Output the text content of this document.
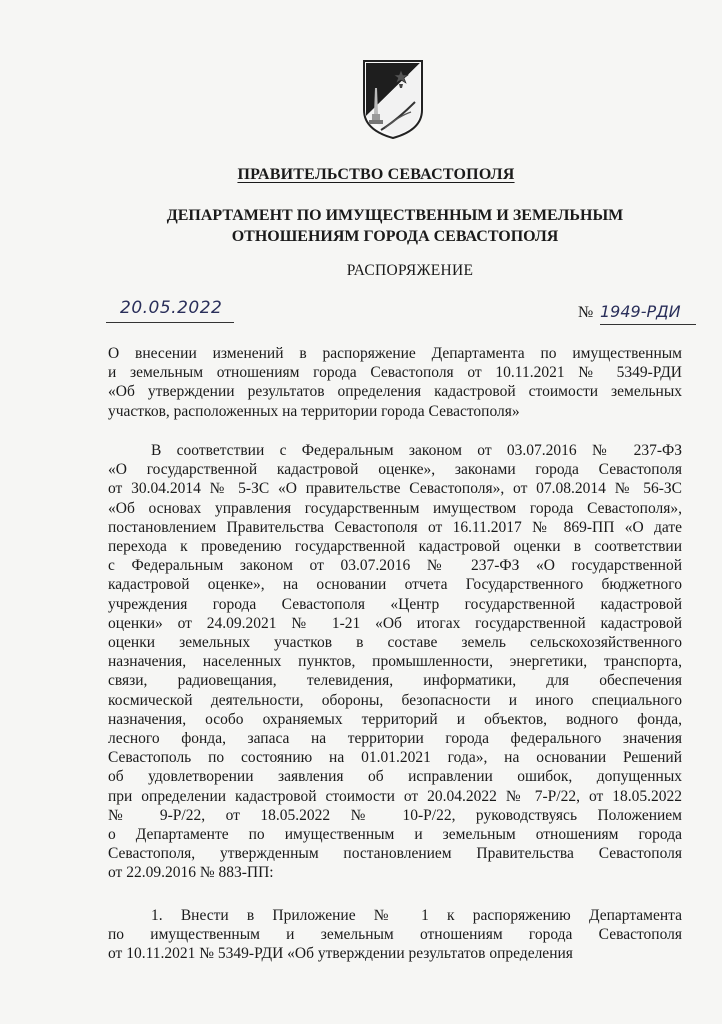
ПРАВИТЕЛЬСТВО СЕВАСТОПОЛЯ
ДЕПАРТАМЕНТ ПО ИМУЩЕСТВЕННЫМ И ЗЕМЕЛЬНЫМ
ОТНОШЕНИЯМ ГОРОДА СЕВАСТОПОЛЯ
РАСПОРЯЖЕНИЕ
20.05.2022	№ 1949-РДИ
О внесении изменений в распоряжение Департамента по имущественным
и земельным отношениям города Севастополя от 10.11.2021 № 5349-РДИ
«Об утверждении результатов определения кадастровой стоимости земельных
участков, расположенных на территории города Севастополя»
В соответствии с Федеральным законом от 03.07.2016 № 237-ФЗ
«О государственной кадастровой оценке», законами города Севастополя
от 30.04.2014 № 5-ЗС «О правительстве Севастополя», от 07.08.2014 № 56-ЗС
«Об основах управления государственным имуществом города Севастополя»,
постановлением Правительства Севастополя от 16.11.2017 № 869-ПП «О дате
перехода к проведению государственной кадастровой оценки в соответствии
с Федеральным законом от 03.07.2016 № 237-ФЗ «О государственной
кадастровой оценке», на основании отчета Государственного бюджетного
учреждения города Севастополя «Центр государственной кадастровой
оценки» от 24.09.2021 № 1-21 «Об итогах государственной кадастровой
оценки земельных участков в составе земель сельскохозяйственного
назначения, населенных пунктов, промышленности, энергетики, транспорта,
связи, радиовещания, телевидения, информатики, для обеспечения
космической деятельности, обороны, безопасности и иного специального
назначения, особо охраняемых территорий и объектов, водного фонда,
лесного фонда, запаса на территории города федерального значения
Севастополь по состоянию на 01.01.2021 года», на основании Решений
об удовлетворении заявления об исправлении ошибок, допущенных
при определении кадастровой стоимости от 20.04.2022 № 7-Р/22, от 18.05.2022
№ 9-Р/22, от 18.05.2022 № 10-Р/22, руководствуясь Положением
о Департаменте по имущественным и земельным отношениям города
Севастополя, утвержденным постановлением Правительства Севастополя
от 22.09.2016 № 883-ПП:
1. Внести в Приложение № 1 к распоряжению Департамента
по имущественным и земельным отношениям города Севастополя
от 10.11.2021 № 5349-РДИ «Об утверждении результатов определения
